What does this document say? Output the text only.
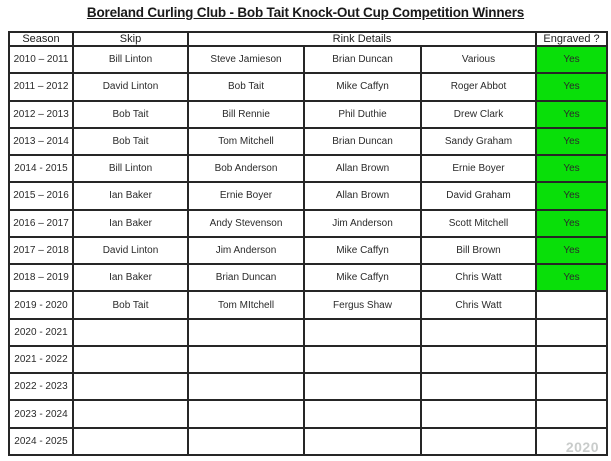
Boreland Curling Club - Bob Tait Knock-Out Cup Competition Winners
Season	Skip	Rink Details			Engraved ?
2010 – 2011	Bill Linton	Steve Jamieson	Brian Duncan	Various	Yes
2011 – 2012	David Linton	Bob Tait	Mike Caffyn	Roger Abbot	Yes
2012 – 2013	Bob Tait	Bill Rennie	Phil Duthie	Drew Clark	Yes
2013 – 2014	Bob Tait	Tom Mitchell	Brian Duncan	Sandy Graham	Yes
2014 - 2015	Bill Linton	Bob Anderson	Allan Brown	Ernie Boyer	Yes
2015 – 2016	Ian Baker	Ernie Boyer	Allan Brown	David Graham	Yes
2016 – 2017	Ian Baker	Andy Stevenson	Jim Anderson	Scott Mitchell	Yes
2017 – 2018	David Linton	Jim Anderson	Mike Caffyn	Bill Brown	Yes
2018 – 2019	Ian Baker	Brian Duncan	Mike Caffyn	Chris Watt	Yes
2019 - 2020	Bob Tait	Tom MItchell	Fergus Shaw	Chris Watt	
2020 - 2021					
2021 - 2022					
2022 - 2023					
2023 - 2024					
2024 - 2025						2020
